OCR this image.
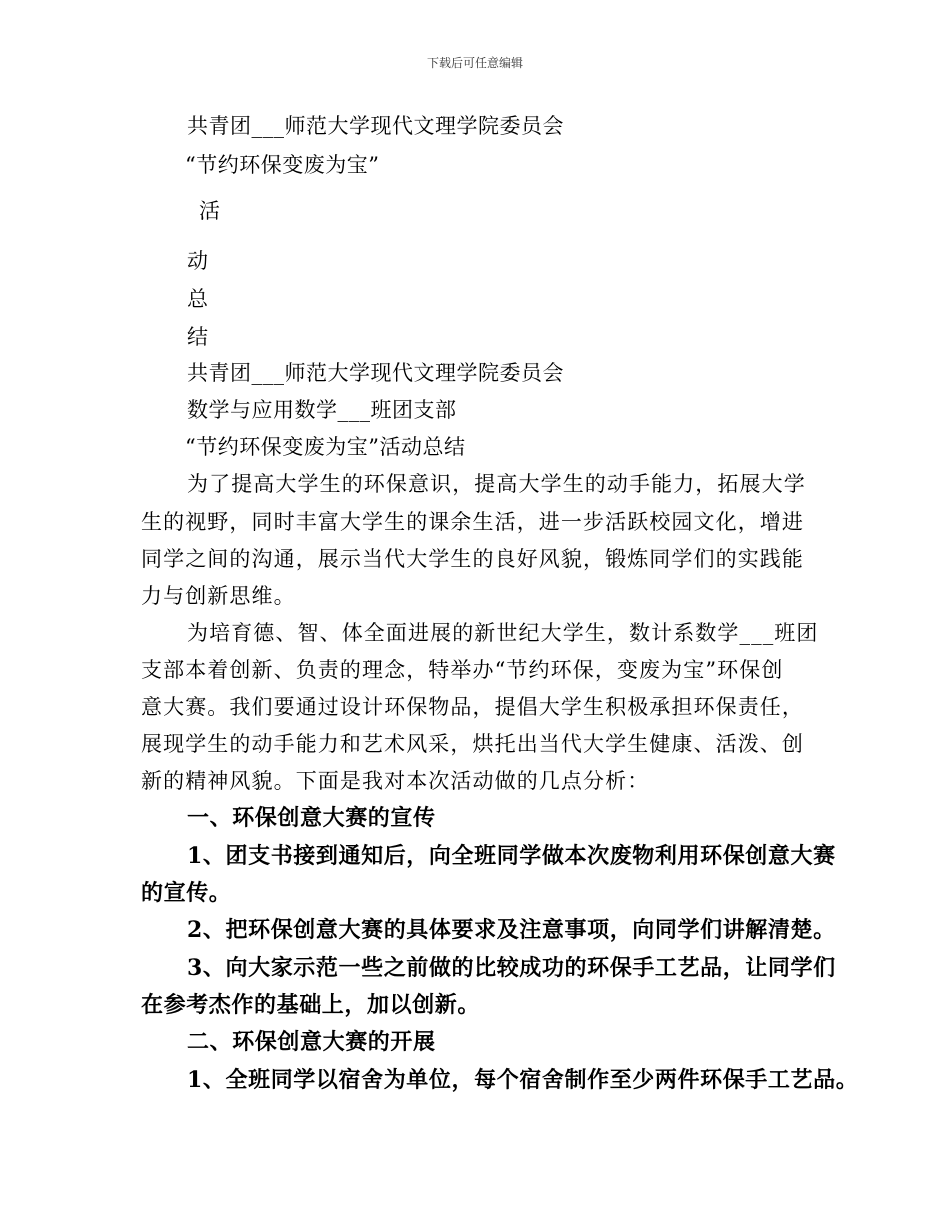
下载后可任意编辑
共青团___师范大学现代文理学院委员会
“节约环保变废为宝”
活
动
总
结
共青团___师范大学现代文理学院委员会
数学与应用数学___班团支部
“节约环保变废为宝”活动总结
为了提高大学生的环保意识，提高大学生的动手能力，拓展大学
生的视野，同时丰富大学生的课余生活，进一步活跃校园文化，增进
同学之间的沟通，展示当代大学生的良好风貌，锻炼同学们的实践能
力与创新思维。
为培育德、智、体全面进展的新世纪大学生，数计系数学___班团
支部本着创新、负责的理念，特举办“节约环保，变废为宝”环保创
意大赛。我们要通过设计环保物品，提倡大学生积极承担环保责任，
展现学生的动手能力和艺术风采，烘托出当代大学生健康、活泼、创
新的精神风貌。下面是我对本次活动做的几点分析：
一、环保创意大赛的宣传
1、团支书接到通知后，向全班同学做本次废物利用环保创意大赛
的宣传。
2、把环保创意大赛的具体要求及注意事项，向同学们讲解清楚。
3、向大家示范一些之前做的比较成功的环保手工艺品，让同学们
在参考杰作的基础上，加以创新。
二、环保创意大赛的开展
1、全班同学以宿舍为单位，每个宿舍制作至少两件环保手工艺品。
